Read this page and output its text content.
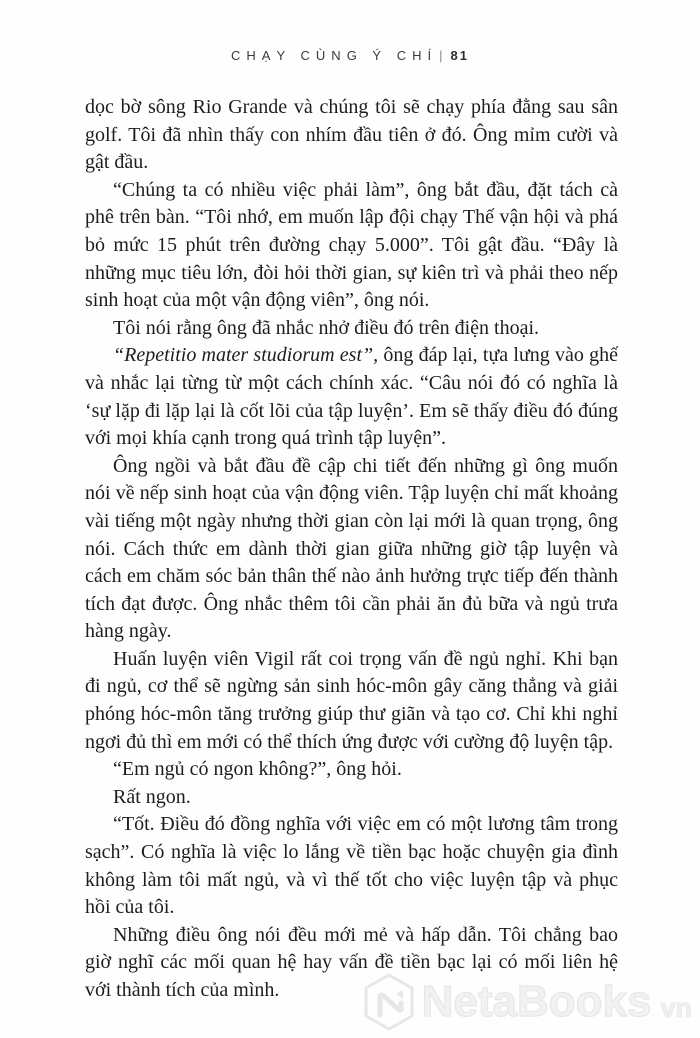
CHẠY CÙNG Ý CHÍ | 81

dọc bờ sông Rio Grande và chúng tôi sẽ chạy phía đằng sau sân golf. Tôi đã nhìn thấy con nhím đầu tiên ở đó. Ông mỉm cười và gật đầu.

“Chúng ta có nhiều việc phải làm”, ông bắt đầu, đặt tách cà phê trên bàn. “Tôi nhớ, em muốn lập đội chạy Thế vận hội và phá bỏ mức 15 phút trên đường chạy 5.000”. Tôi gật đầu. “Đây là những mục tiêu lớn, đòi hỏi thời gian, sự kiên trì và phải theo nếp sinh hoạt của một vận động viên”, ông nói.

Tôi nói rằng ông đã nhắc nhở điều đó trên điện thoại.

“Repetitio mater studiorum est”, ông đáp lại, tựa lưng vào ghế và nhắc lại từng từ một cách chính xác. “Câu nói đó có nghĩa là ‘sự lặp đi lặp lại là cốt lõi của tập luyện’. Em sẽ thấy điều đó đúng với mọi khía cạnh trong quá trình tập luyện”.

Ông ngồi và bắt đầu đề cập chi tiết đến những gì ông muốn nói về nếp sinh hoạt của vận động viên. Tập luyện chỉ mất khoảng vài tiếng một ngày nhưng thời gian còn lại mới là quan trọng, ông nói. Cách thức em dành thời gian giữa những giờ tập luyện và cách em chăm sóc bản thân thế nào ảnh hưởng trực tiếp đến thành tích đạt được. Ông nhắc thêm tôi cần phải ăn đủ bữa và ngủ trưa hàng ngày.

Huấn luyện viên Vigil rất coi trọng vấn đề ngủ nghỉ. Khi bạn đi ngủ, cơ thể sẽ ngừng sản sinh hóc-môn gây căng thẳng và giải phóng hóc-môn tăng trưởng giúp thư giãn và tạo cơ. Chỉ khi nghỉ ngơi đủ thì em mới có thể thích ứng được với cường độ luyện tập.

“Em ngủ có ngon không?”, ông hỏi.

Rất ngon.

“Tốt. Điều đó đồng nghĩa với việc em có một lương tâm trong sạch”. Có nghĩa là việc lo lắng về tiền bạc hoặc chuyện gia đình không làm tôi mất ngủ, và vì thế tốt cho việc luyện tập và phục hồi của tôi.

Những điều ông nói đều mới mẻ và hấp dẫn. Tôi chẳng bao giờ nghĩ các mối quan hệ hay vấn đề tiền bạc lại có mối liên hệ với thành tích của mình.	NetaBooks vn
